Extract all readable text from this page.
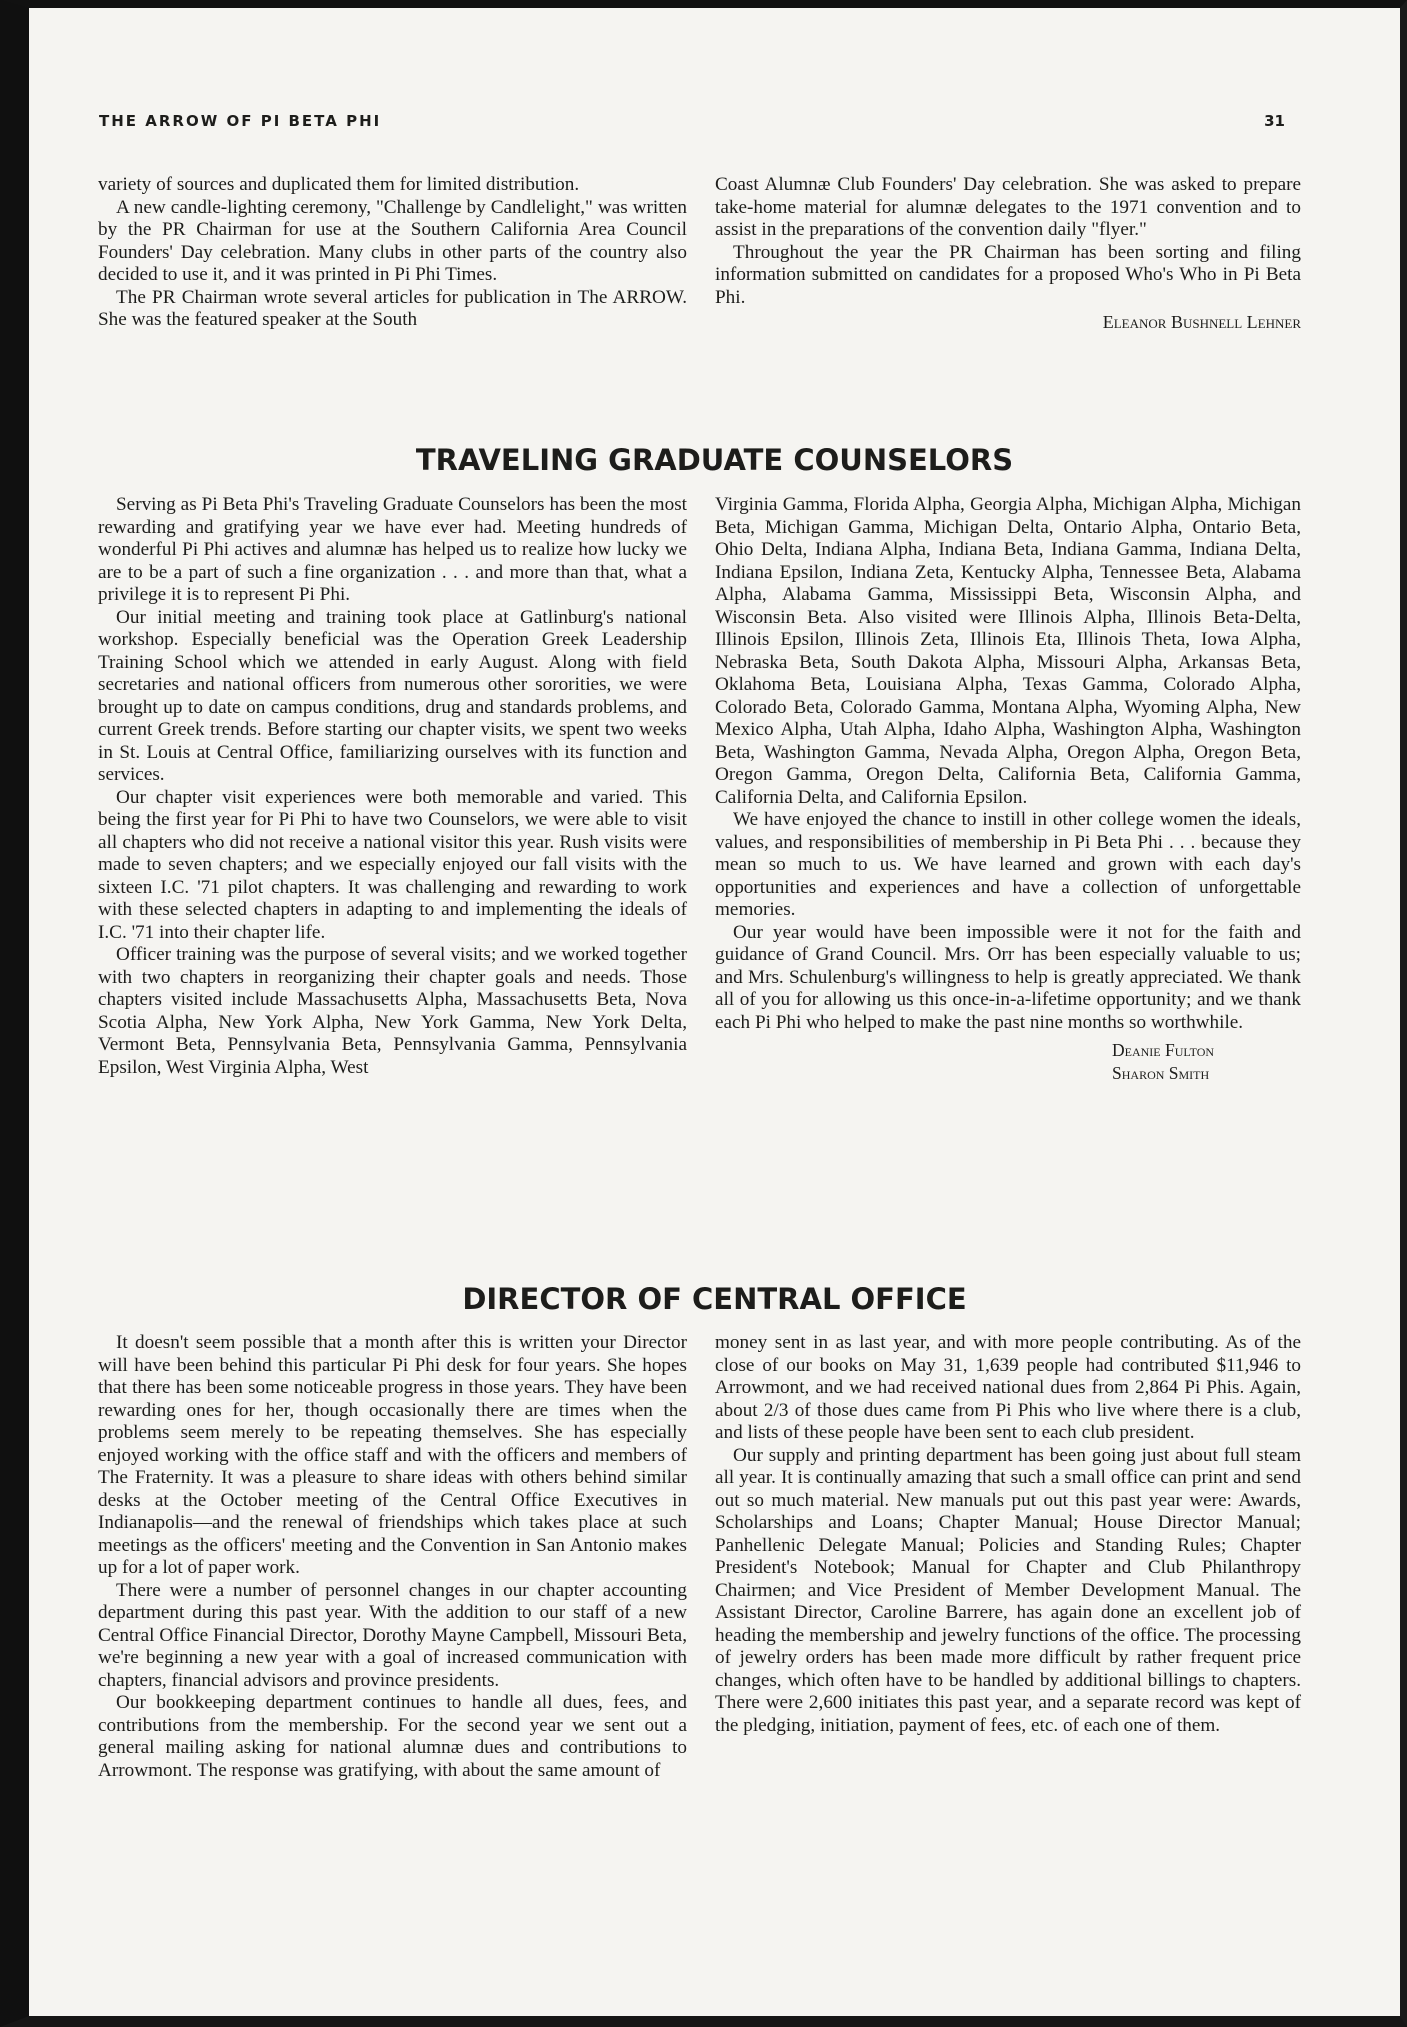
THE ARROW OF PI BETA PHI	31

variety of sources and duplicated them for limited distribution.

A new candle-lighting ceremony, "Challenge by Candlelight," was written by the PR Chairman for use at the Southern California Area Council Founders' Day celebration. Many clubs in other parts of the country also decided to use it, and it was printed in Pi Phi Times.

The PR Chairman wrote several articles for publication in The ARROW. She was the featured speaker at the South

Coast Alumnæ Club Founders' Day celebration. She was asked to prepare take-home material for alumnæ delegates to the 1971 convention and to assist in the preparations of the convention daily "flyer."

Throughout the year the PR Chairman has been sorting and filing information submitted on candidates for a proposed Who's Who in Pi Beta Phi.

Eleanor Bushnell Lehner
TRAVELING GRADUATE COUNSELORS

Serving as Pi Beta Phi's Traveling Graduate Counselors has been the most rewarding and gratifying year we have ever had. Meeting hundreds of wonderful Pi Phi actives and alumnæ has helped us to realize how lucky we are to be a part of such a fine organization . . . and more than that, what a privilege it is to represent Pi Phi.

Our initial meeting and training took place at Gatlinburg's national workshop. Especially beneficial was the Operation Greek Leadership Training School which we attended in early August. Along with field secretaries and national officers from numerous other sororities, we were brought up to date on campus conditions, drug and standards problems, and current Greek trends. Before starting our chapter visits, we spent two weeks in St. Louis at Central Office, familiarizing ourselves with its function and services.

Our chapter visit experiences were both memorable and varied. This being the first year for Pi Phi to have two Counselors, we were able to visit all chapters who did not receive a national visitor this year. Rush visits were made to seven chapters; and we especially enjoyed our fall visits with the sixteen I.C. '71 pilot chapters. It was challenging and rewarding to work with these selected chapters in adapting to and implementing the ideals of I.C. '71 into their chapter life.

Officer training was the purpose of several visits; and we worked together with two chapters in reorganizing their chapter goals and needs. Those chapters visited include Massachusetts Alpha, Massachusetts Beta, Nova Scotia Alpha, New York Alpha, New York Gamma, New York Delta, Vermont Beta, Pennsylvania Beta, Pennsylvania Gamma, Pennsylvania Epsilon, West Virginia Alpha, West

Virginia Gamma, Florida Alpha, Georgia Alpha, Michigan Alpha, Michigan Beta, Michigan Gamma, Michigan Delta, Ontario Alpha, Ontario Beta, Ohio Delta, Indiana Alpha, Indiana Beta, Indiana Gamma, Indiana Delta, Indiana Epsilon, Indiana Zeta, Kentucky Alpha, Tennessee Beta, Alabama Alpha, Alabama Gamma, Mississippi Beta, Wisconsin Alpha, and Wisconsin Beta. Also visited were Illinois Alpha, Illinois Beta-Delta, Illinois Epsilon, Illinois Zeta, Illinois Eta, Illinois Theta, Iowa Alpha, Nebraska Beta, South Dakota Alpha, Missouri Alpha, Arkansas Beta, Oklahoma Beta, Louisiana Alpha, Texas Gamma, Colorado Alpha, Colorado Beta, Colorado Gamma, Montana Alpha, Wyoming Alpha, New Mexico Alpha, Utah Alpha, Idaho Alpha, Washington Alpha, Washington Beta, Washington Gamma, Nevada Alpha, Oregon Alpha, Oregon Beta, Oregon Gamma, Oregon Delta, California Beta, California Gamma, California Delta, and California Epsilon.

We have enjoyed the chance to instill in other college women the ideals, values, and responsibilities of membership in Pi Beta Phi . . . because they mean so much to us. We have learned and grown with each day's opportunities and experiences and have a collection of unforgettable memories.

Our year would have been impossible were it not for the faith and guidance of Grand Council. Mrs. Orr has been especially valuable to us; and Mrs. Schulenburg's willingness to help is greatly appreciated. We thank all of you for allowing us this once-in-a-lifetime opportunity; and we thank each Pi Phi who helped to make the past nine months so worthwhile.

Deanie Fulton
Sharon Smith
DIRECTOR OF CENTRAL OFFICE

It doesn't seem possible that a month after this is written your Director will have been behind this particular Pi Phi desk for four years. She hopes that there has been some noticeable progress in those years. They have been rewarding ones for her, though occasionally there are times when the problems seem merely to be repeating themselves. She has especially enjoyed working with the office staff and with the officers and members of The Fraternity. It was a pleasure to share ideas with others behind similar desks at the October meeting of the Central Office Executives in Indianapolis—and the renewal of friendships which takes place at such meetings as the officers' meeting and the Convention in San Antonio makes up for a lot of paper work.

There were a number of personnel changes in our chapter accounting department during this past year. With the addition to our staff of a new Central Office Financial Director, Dorothy Mayne Campbell, Missouri Beta, we're beginning a new year with a goal of increased communication with chapters, financial advisors and province presidents.

Our bookkeeping department continues to handle all dues, fees, and contributions from the membership. For the second year we sent out a general mailing asking for national alumnæ dues and contributions to Arrowmont. The response was gratifying, with about the same amount of

money sent in as last year, and with more people contributing. As of the close of our books on May 31, 1,639 people had contributed $11,946 to Arrowmont, and we had received national dues from 2,864 Pi Phis. Again, about 2/3 of those dues came from Pi Phis who live where there is a club, and lists of these people have been sent to each club president.

Our supply and printing department has been going just about full steam all year. It is continually amazing that such a small office can print and send out so much material. New manuals put out this past year were: Awards, Scholarships and Loans; Chapter Manual; House Director Manual; Panhellenic Delegate Manual; Policies and Standing Rules; Chapter President's Notebook; Manual for Chapter and Club Philanthropy Chairmen; and Vice President of Member Development Manual. The Assistant Director, Caroline Barrere, has again done an excellent job of heading the membership and jewelry functions of the office. The processing of jewelry orders has been made more difficult by rather frequent price changes, which often have to be handled by additional billings to chapters. There were 2,600 initiates this past year, and a separate record was kept of the pledging, initiation, payment of fees, etc. of each one of them.
